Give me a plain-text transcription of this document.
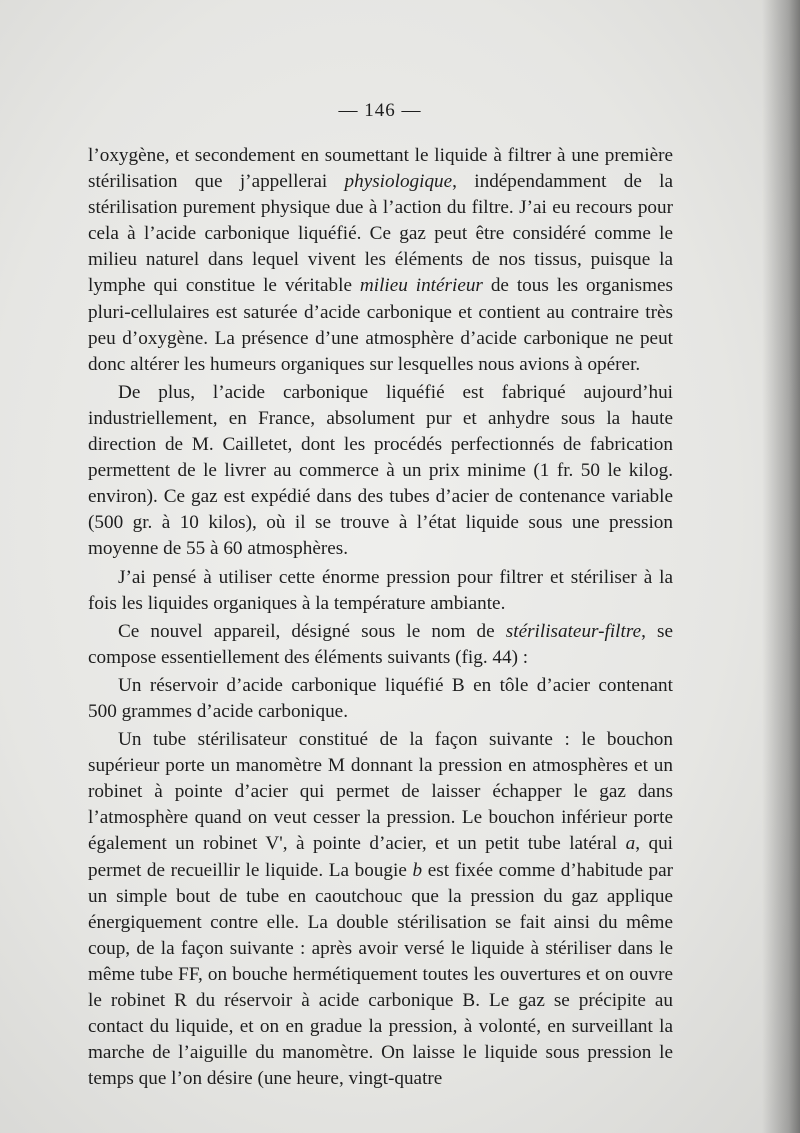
— 146 —

l’oxygène, et secondement en soumettant le liquide à filtrer à une première stérilisation que j’appellerai physiologique, indépendamment de la stérilisation purement physique due à l’action du filtre. J’ai eu recours pour cela à l’acide carbonique liquéfié. Ce gaz peut être considéré comme le milieu naturel dans lequel vivent les éléments de nos tissus, puisque la lymphe qui constitue le véritable milieu intérieur de tous les organismes pluri-cellulaires est saturée d’acide carbonique et contient au contraire très peu d’oxygène. La présence d’une atmosphère d’acide carbonique ne peut donc altérer les humeurs organiques sur lesquelles nous avions à opérer.

De plus, l’acide carbonique liquéfié est fabriqué aujourd’hui industriellement, en France, absolument pur et anhydre sous la haute direction de M. Cailletet, dont les procédés perfectionnés de fabrication permettent de le livrer au commerce à un prix minime (1 fr. 50 le kilog. environ). Ce gaz est expédié dans des tubes d’acier de contenance variable (500 gr. à 10 kilos), où il se trouve à l’état liquide sous une pression moyenne de 55 à 60 atmosphères.

J’ai pensé à utiliser cette énorme pression pour filtrer et stériliser à la fois les liquides organiques à la température ambiante.

Ce nouvel appareil, désigné sous le nom de stérilisateur-filtre, se compose essentiellement des éléments suivants (fig. 44) :

Un réservoir d’acide carbonique liquéfié B en tôle d’acier contenant 500 grammes d’acide carbonique.

Un tube stérilisateur constitué de la façon suivante : le bouchon supérieur porte un manomètre M donnant la pression en atmosphères et un robinet à pointe d’acier qui permet de laisser échapper le gaz dans l’atmosphère quand on veut cesser la pression. Le bouchon inférieur porte également un robinet V', à pointe d’acier, et un petit tube latéral a, qui permet de recueillir le liquide. La bougie b est fixée comme d’habitude par un simple bout de tube en caoutchouc que la pression du gaz applique énergiquement contre elle. La double stérilisation se fait ainsi du même coup, de la façon suivante : après avoir versé le liquide à stériliser dans le même tube FF, on bouche hermétiquement toutes les ouvertures et on ouvre le robinet R du réservoir à acide carbonique B. Le gaz se précipite au contact du liquide, et on en gradue la pression, à volonté, en surveillant la marche de l’aiguille du manomètre. On laisse le liquide sous pression le temps que l’on désire (une heure, vingt-quatre
